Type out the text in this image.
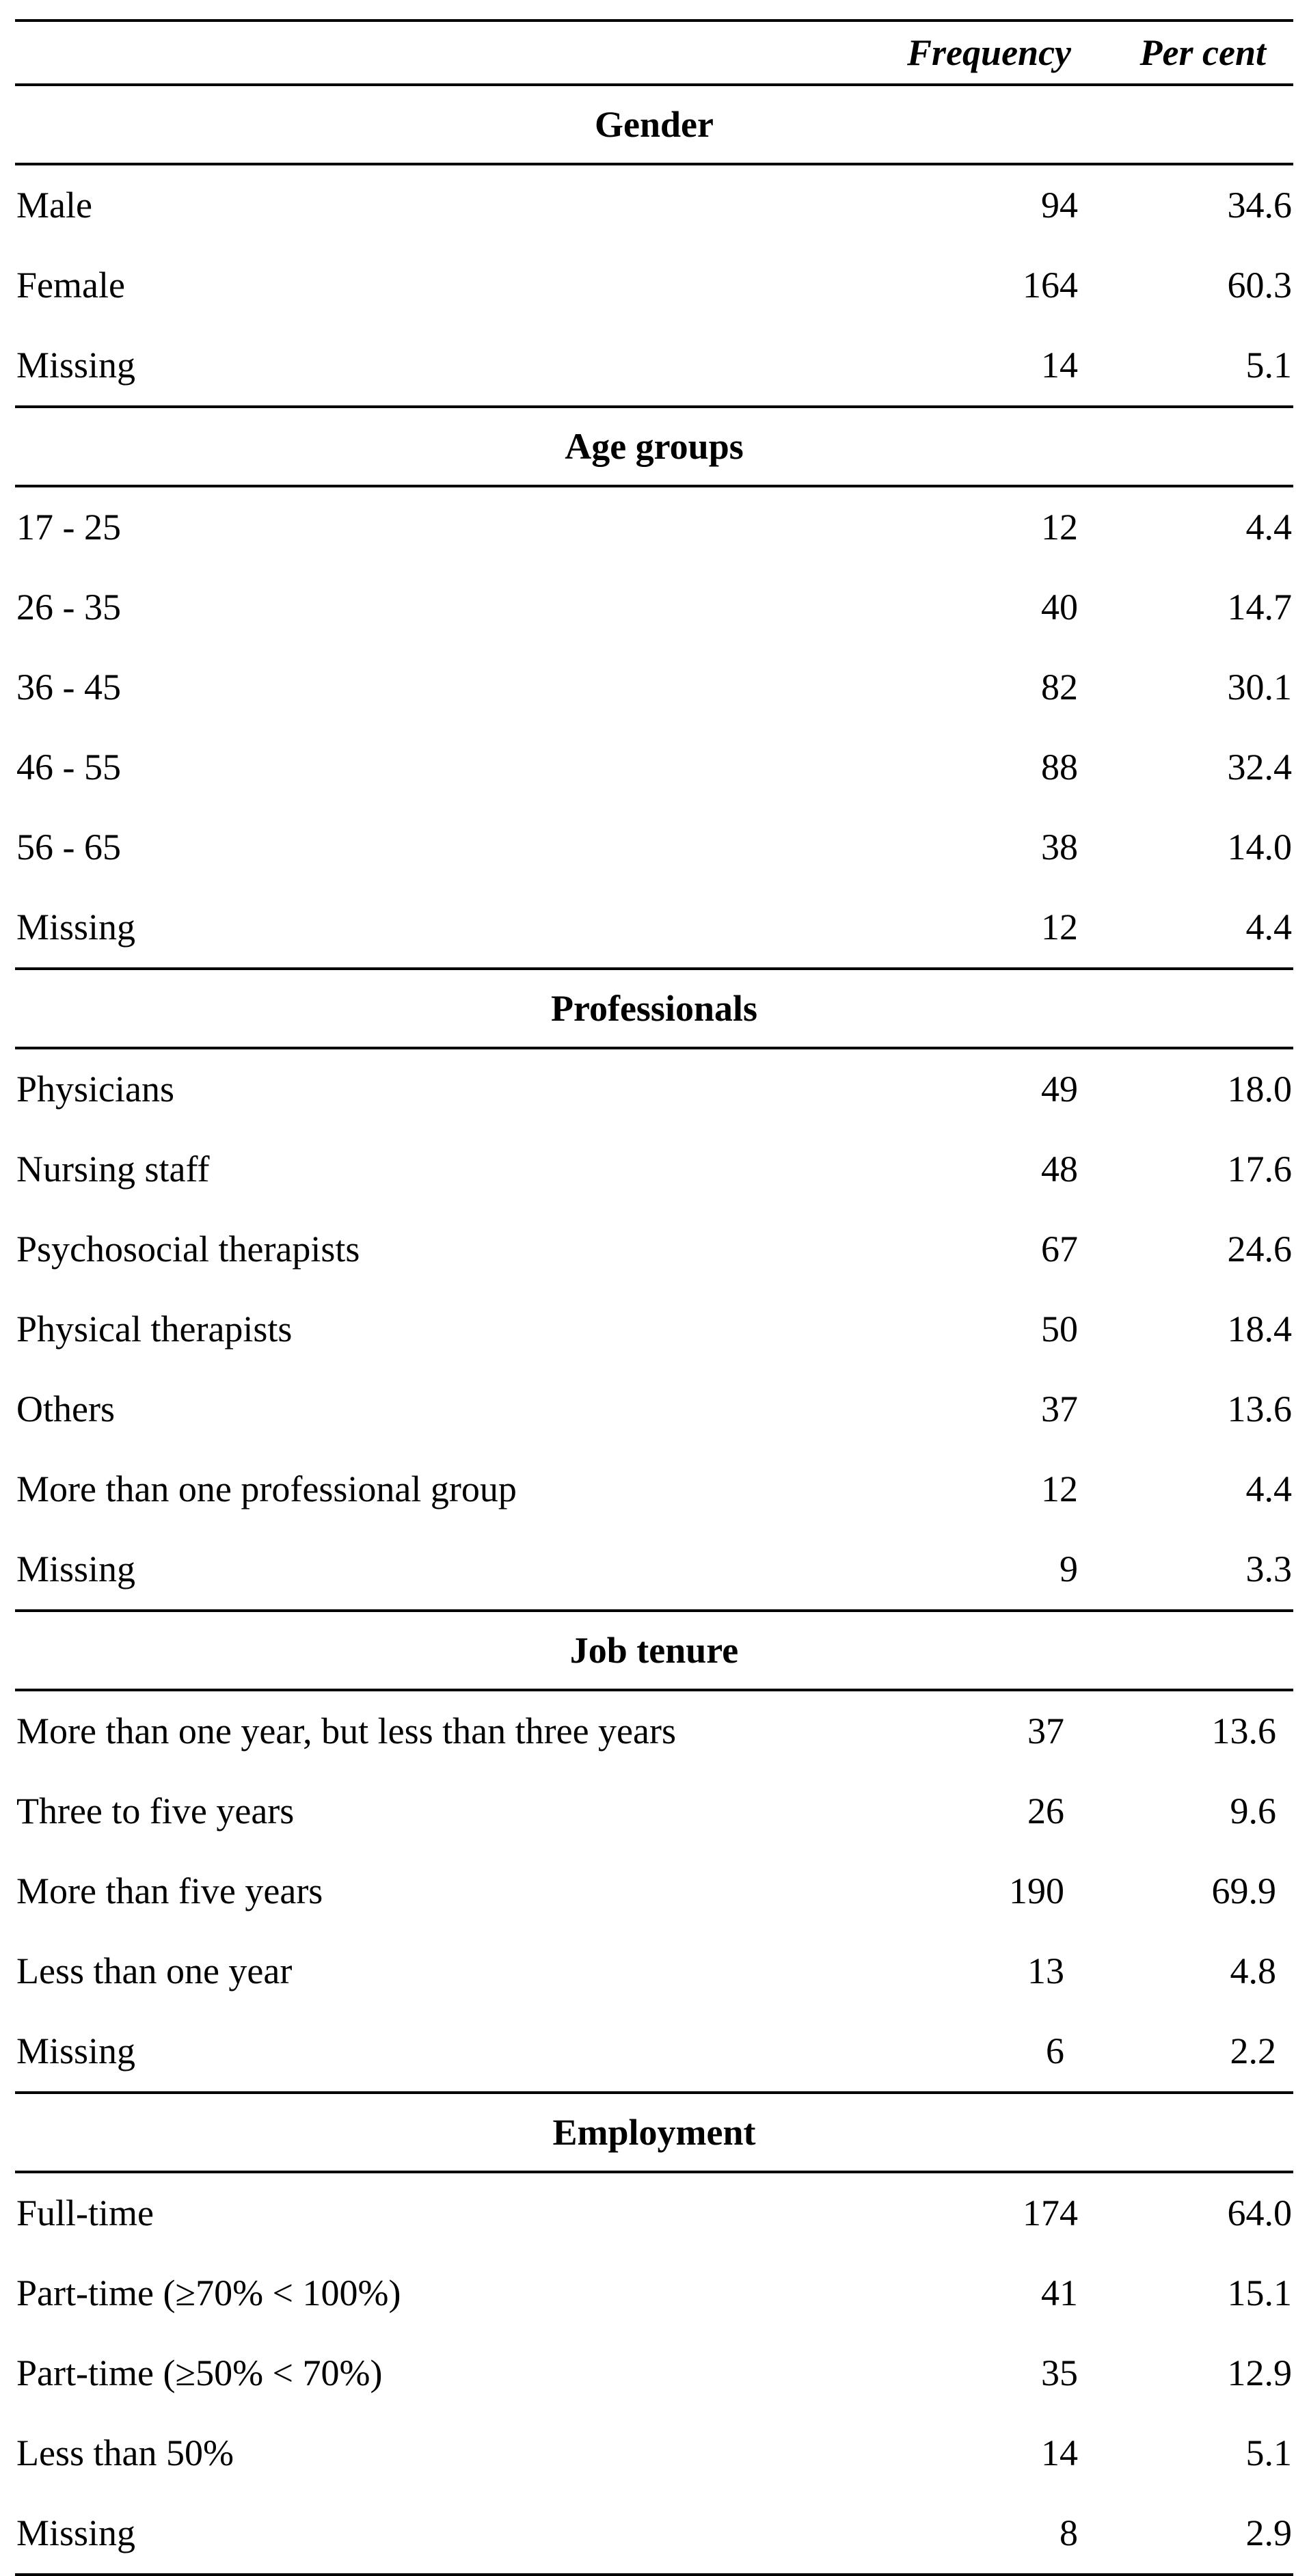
Frequency Per cent
Gender
Male	94	34.6
Female	164	60.3
Missing	14	5.1
Age groups
17 - 25	12	4.4
26 - 35	40	14.7
36 - 45	82	30.1
46 - 55	88	32.4
56 - 65	38	14.0
Missing	12	4.4
Professionals
Physicians	49	18.0
Nursing staff	48	17.6
Psychosocial therapists	67	24.6
Physical therapists	50	18.4
Others	37	13.6
More than one professional group	12	4.4
Missing	9	3.3
Job tenure
More than one year, but less than three years	37	13.6
Three to five years	26	9.6
More than five years	190	69.9
Less than one year	13	4.8
Missing	6	2.2
Employment
Full-time	174	64.0
Part-time (≥70% < 100%)	41	15.1
Part-time (≥50% < 70%)	35	12.9
Less than 50%	14	5.1
Missing	8	2.9
